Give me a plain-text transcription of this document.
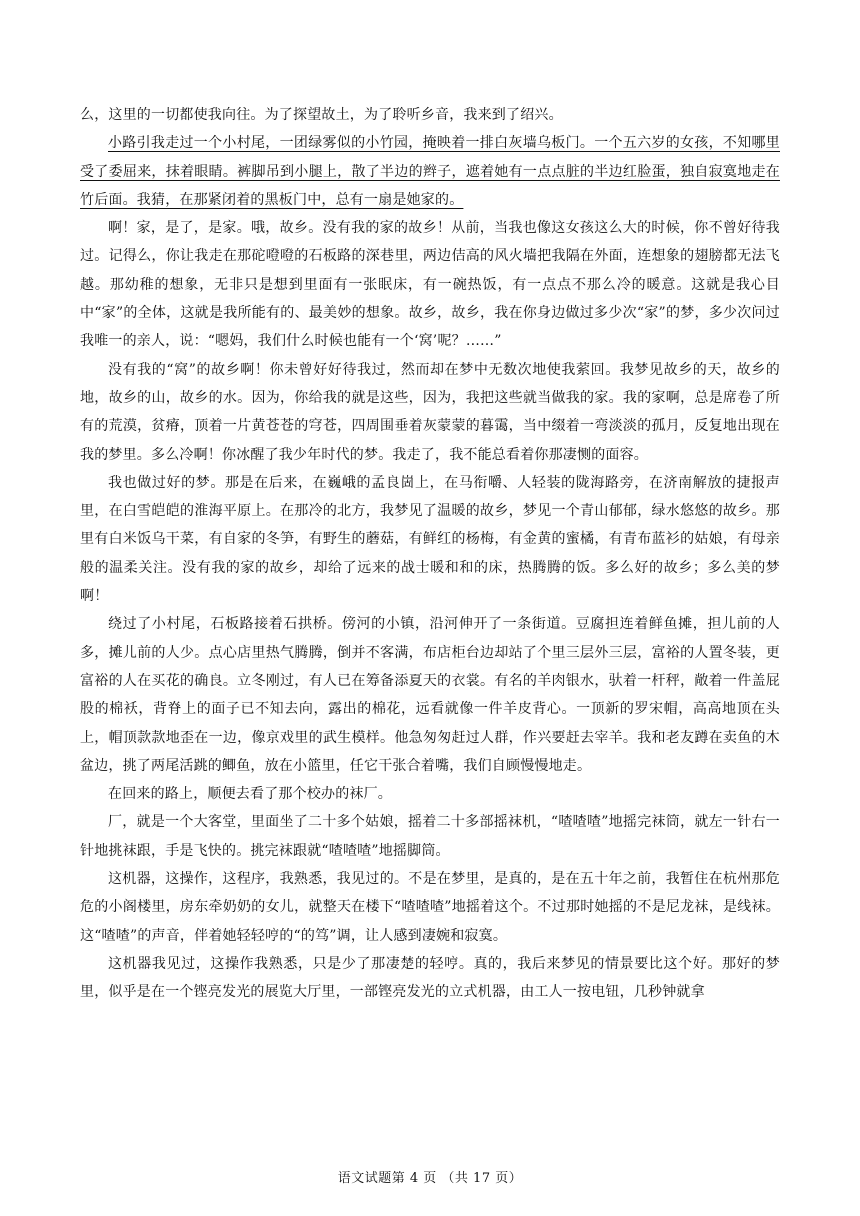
么，这里的一切都使我向往。为了探望故土，为了聆听乡音，我来到了绍兴。

小路引我走过一个小村尾，一团绿雾似的小竹园，掩映着一排白灰墙乌板门。一个五六岁的女孩，不知哪里受了委屈来，抹着眼睛。裤脚吊到小腿上，散了半边的辫子，遮着她有一点点脏的半边红脸蛋，独自寂寞地走在竹后面。我猜，在那紧闭着的黑板门中，总有一扇是她家的。

啊！家，是了，是家。哦，故乡。没有我的家的故乡！从前，当我也像这女孩这么大的时候，你不曾好待我过。记得么，你让我走在那砣噔噔的石板路的深巷里，两边佶高的风火墙把我隔在外面，连想象的翅膀都无法飞越。那幼稚的想象，无非只是想到里面有一张眠床，有一碗热饭，有一点点不那么冷的暖意。这就是我心目中“家”的全体，这就是我所能有的、最美妙的想象。故乡，故乡，我在你身边做过多少次“家”的梦，多少次问过我唯一的亲人，说：“嗯妈，我们什么时候也能有一个‘窝’呢？……”

没有我的“窝”的故乡啊！你未曾好好待我过，然而却在梦中无数次地使我萦回。我梦见故乡的天，故乡的地，故乡的山，故乡的水。因为，你给我的就是这些，因为，我把这些就当做我的家。我的家啊，总是席卷了所有的荒漠，贫瘠，顶着一片黄苍苍的穹苍，四周围垂着灰蒙蒙的暮霭，当中缀着一弯淡淡的孤月，反复地出现在我的梦里。多么冷啊！你冰醒了我少年时代的梦。我走了，我不能总看着你那凄恻的面容。

我也做过好的梦。那是在后来，在巍峨的孟良崮上，在马衔嚼、人轻装的陇海路旁，在济南解放的捷报声里，在白雪皑皑的淮海平原上。在那冷的北方，我梦见了温暖的故乡，梦见一个青山郁郁，绿水悠悠的故乡。那里有白米饭乌干菜，有自家的冬笋，有野生的蘑菇，有鲜红的杨梅，有金黄的蜜橘，有青布蓝衫的姑娘，有母亲般的温柔关注。没有我的家的故乡，却给了远来的战士暖和和的床，热腾腾的饭。多么好的故乡；多么美的梦啊！

绕过了小村尾，石板路接着石拱桥。傍河的小镇，沿河伸开了一条街道。豆腐担连着鲜鱼摊，担儿前的人多，摊儿前的人少。点心店里热气腾腾，倒并不客满，布店柜台边却站了个里三层外三层，富裕的人置冬装，更富裕的人在买花的确良。立冬刚过，有人已在筹备添夏天的衣裳。有名的羊肉银水，驮着一杆秤，敞着一件盖屁股的棉袄，背脊上的面子已不知去向，露出的棉花，远看就像一件羊皮背心。一顶新的罗宋帽，高高地顶在头上，帽顶款款地歪在一边，像京戏里的武生模样。他急匆匆赶过人群，作兴要赶去宰羊。我和老友蹲在卖鱼的木盆边，挑了两尾活跳的鲫鱼，放在小篮里，任它干张合着嘴，我们自顾慢慢地走。

在回来的路上，顺便去看了那个校办的袜厂。

厂，就是一个大客堂，里面坐了二十多个姑娘，摇着二十多部摇袜机，“喳喳喳”地摇完袜筒，就左一针右一针地挑袜跟，手是飞快的。挑完袜跟就“喳喳喳”地摇脚筒。

这机器，这操作，这程序，我熟悉，我见过的。不是在梦里，是真的，是在五十年之前，我暂住在杭州那危危的小阁楼里，房东牵奶奶的女儿，就整天在楼下“喳喳喳”地摇着这个。不过那时她摇的不是尼龙袜，是线袜。这“喳喳”的声音，伴着她轻轻哼的“的笃”调，让人感到凄婉和寂寞。

这机器我见过，这操作我熟悉，只是少了那凄楚的轻哼。真的，我后来梦见的情景要比这个好。那好的梦里，似乎是在一个铿亮发光的展览大厅里，一部铿亮发光的立式机器，由工人一按电钮，几秒钟就拿

语文试题第 4 页 （共 17 页）
